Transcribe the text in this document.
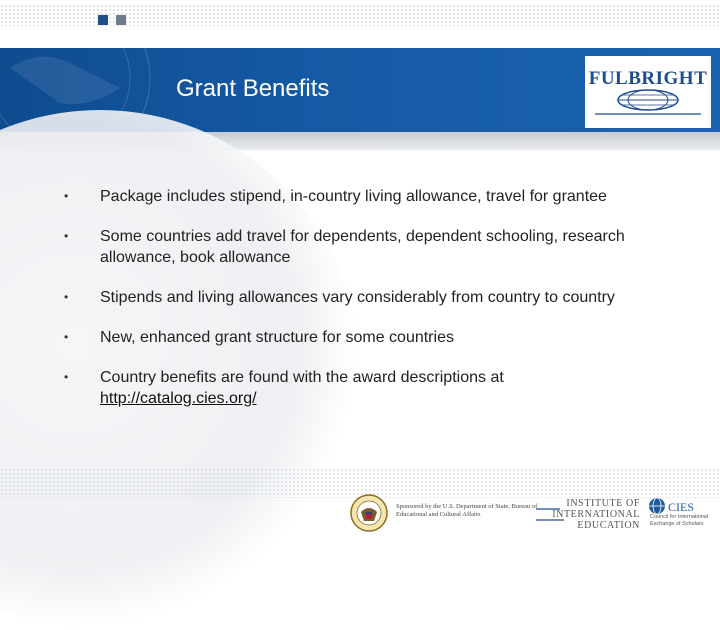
Grant Benefits	FULBRIGHT
•	Package includes stipend, in-country living allowance, travel for grantee
•	Some countries add travel for dependents, dependent schooling, research allowance, book allowance
•	Stipends and living allowances vary considerably from country to country
•	New, enhanced grant structure for some countries
•	Country benefits are found with the award descriptions at
http://catalog.cies.org/
Sponsored by the U.S. Department of State, Bureau of Educational and Cultural Affairs
INSTITUTE OF
INTERNATIONAL
EDUCATION
CIES
Council for International Exchange of Scholars
